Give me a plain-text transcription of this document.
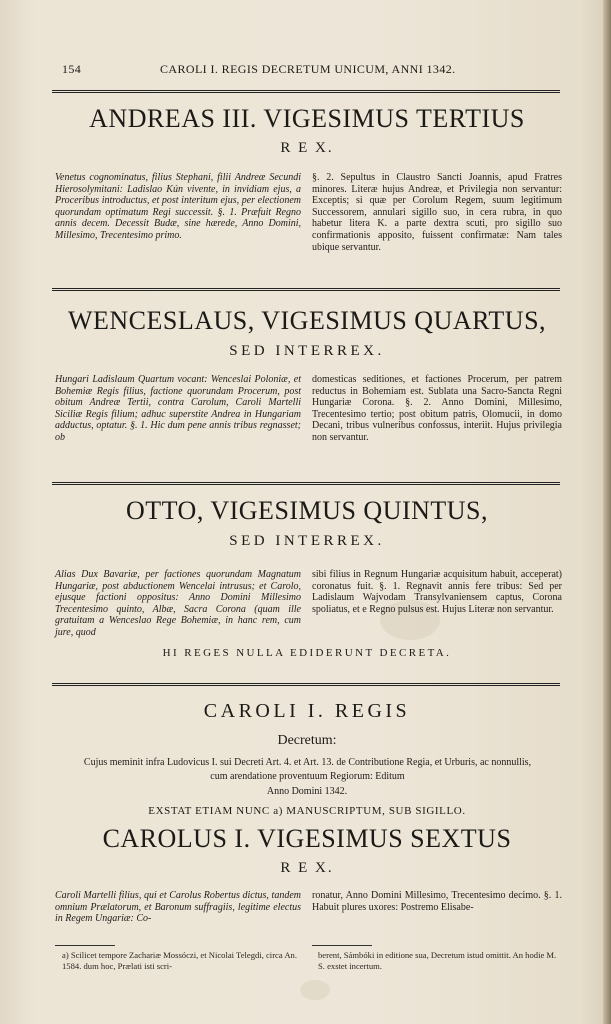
154	CAROLI I. REGIS DECRETUM UNICUM, ANNI 1342.
ANDREAS III. VIGESIMUS TERTIUS
R E X.

Venetus cognominatus, filius Stephani, filii Andreæ Secundi Hierosolymitani: Ladislao Kún vivente, in invidiam ejus, a Proceribus introductus, et post interitum ejus, per electionem quorundam optimatum Regi successit. §. 1. Præfuit Regno annis decem. Decessit Budæ, sine hærede, Anno Domini, Millesimo, Trecentesimo primo.

§. 2. Sepultus in Claustro Sancti Joannis, apud Fratres minores. Literæ hujus Andreæ, et Privilegia non servantur: Exceptis; si quæ per Corolum Regem, suum legitimum Successorem, annulari sigillo suo, in cera rubra, in quo habetur litera K. a parte dextra scuti, pro sigillo suo confirmationis apposito, fuissent confirmatæ: Nam tales ubique servantur.

WENCESLAUS, VIGESIMUS QUARTUS,
SED INTERREX.

Hungari Ladislaum Quartum vocant: Wenceslai Poloniæ, et Bohemiæ Regis filius, factione quorundam Procerum, post obitum Andreæ Tertii, contra Carolum, Caroli Martelli Siciliæ Regis filium; adhuc superstite Andrea in Hungariam adductus, optatur. §. 1. Hic dum pene annis tribus regnasset; ob

domesticas seditiones, et factiones Procerum, per patrem reductus in Bohemiam est. Sublata una Sacro-Sancta Regni Hungariæ Corona. §. 2. Anno Domini, Millesimo, Trecentesimo tertio; post obitum patris, Olomucii, in domo Decani, tribus vulneribus confossus, interiit. Hujus privilegia non servantur.

OTTO, VIGESIMUS QUINTUS,
SED INTERREX.

Alias Dux Bavariæ, per factiones quorundam Magnatum Hungariæ, post abductionem Wencelai intrusus; et Carolo, ejusque factioni oppositus: Anno Domini Millesimo Trecentesimo quinto, Albæ, Sacra Corona (quam ille gratuitam a Wenceslao Rege Bohemiæ, in hanc rem, cum jure, quod

sibi filius in Regnum Hungariæ acquisitum habuit, acceperat) coronatus fuit. §. 1. Regnavit annis fere tribus: Sed per Ladislaum Wajvodam Transylvaniensem captus, Corona spoliatus, et e Regno pulsus est. Hujus Literæ non servantur.

HI REGES NULLA EDIDERUNT DECRETA.
CAROLI I. REGIS
Decretum:

Cujus meminit infra Ludovicus I. sui Decreti Art. 4. et Art. 13. de Contributione Regia, et Urburis, ac nonnullis, cum arendatione proventuum Regiorum: Editum

Anno Domini 1342.
EXSTAT ETIAM NUNC a) MANUSCRIPTUM, SUB SIGILLO.
CAROLUS I. VIGESIMUS SEXTUS
R E X.

Caroli Martelli filius, qui et Carolus Robertus dictus, tandem omnium Prælatorum, et Baronum suffragiis, legitime electus in Regem Ungariæ: Co-

ronatur, Anno Domini Millesimo, Trecentesimo decimo. §. 1. Habuit plures uxores: Postremo Elisabe-

a) Scilicet tempore Zachariæ Mossóczi, et Nicolai Telegdi, circa An. 1584. dum hoc, Prælati isti scri-
berent, Sámbóki in editione sua, Decretum istud omittit. An hodie M. S. exstet incertum.
